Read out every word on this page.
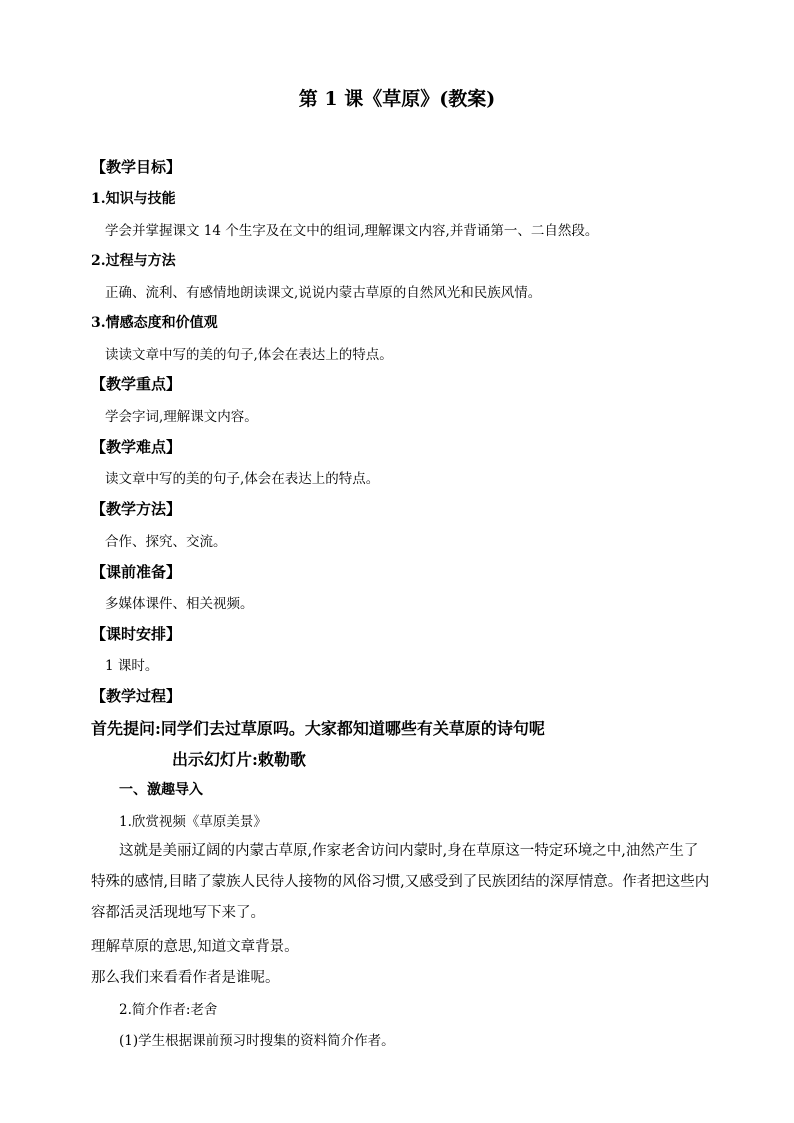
第 1 课《草原》(教案)
【教学目标】
1.知识与技能
学会并掌握课文 14 个生字及在文中的组词,理解课文内容,并背诵第一、二自然段。
2.过程与方法
正确、流利、有感情地朗读课文,说说内蒙古草原的自然风光和民族风情。
3.情感态度和价值观
读读文章中写的美的句子,体会在表达上的特点。
【教学重点】
学会字词,理解课文内容。
【教学难点】
读文章中写的美的句子,体会在表达上的特点。
【教学方法】
合作、探究、交流。
【课前准备】
多媒体课件、相关视频。
【课时安排】
1 课时。
【教学过程】
首先提问:同学们去过草原吗。大家都知道哪些有关草原的诗句呢
出示幻灯片:敕勒歌
一、激趣导入
1.欣赏视频《草原美景》
这就是美丽辽阔的内蒙古草原,作家老舍访问内蒙时,身在草原这一特定环境之中,油然产生了特殊的感情,目睹了蒙族人民待人接物的风俗习惯,又感受到了民族团结的深厚情意。作者把这些内容都活灵活现地写下来了。
理解草原的意思,知道文章背景。
那么我们来看看作者是谁呢。
2.简介作者:老舍
(1)学生根据课前预习时搜集的资料简介作者。
